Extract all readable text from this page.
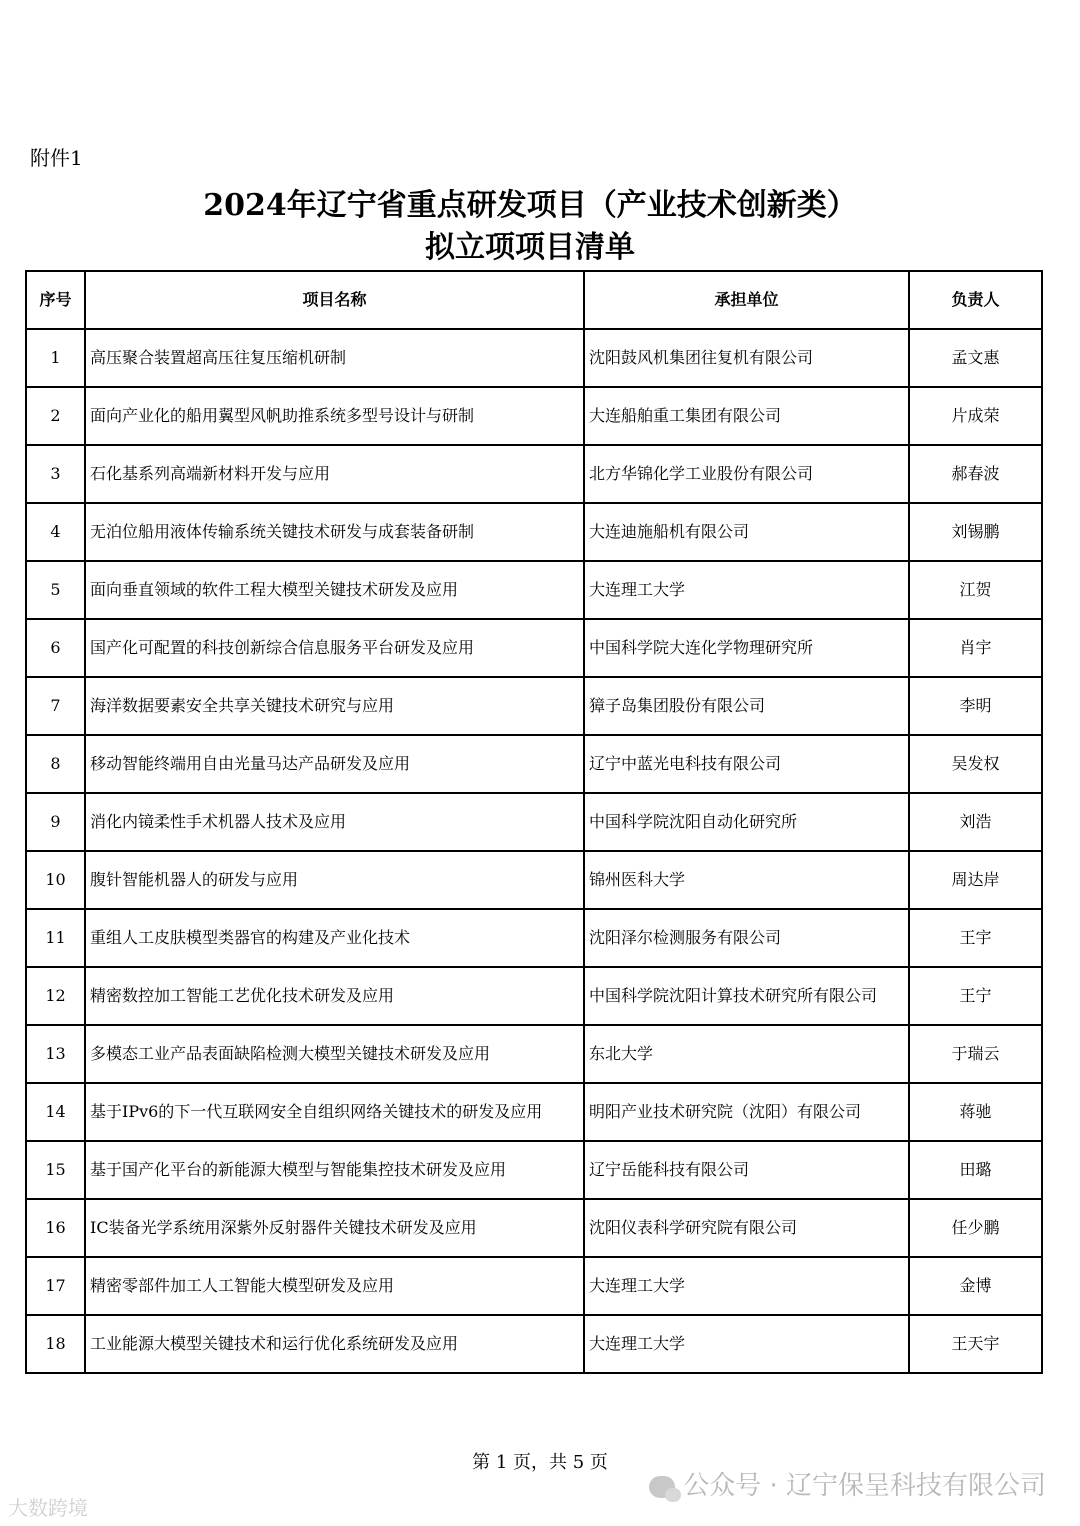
附件1
2024年辽宁省重点研发项目（产业技术创新类）
拟立项项目清单
序号	项目名称	承担单位	负责人
1	高压聚合装置超高压往复压缩机研制	沈阳鼓风机集团往复机有限公司	孟文惠
2	面向产业化的船用翼型风帆助推系统多型号设计与研制	大连船舶重工集团有限公司	片成荣
3	石化基系列高端新材料开发与应用	北方华锦化学工业股份有限公司	郝春波
4	无泊位船用液体传输系统关键技术研发与成套装备研制	大连迪施船机有限公司	刘锡鹏
5	面向垂直领域的软件工程大模型关键技术研发及应用	大连理工大学	江贺
6	国产化可配置的科技创新综合信息服务平台研发及应用	中国科学院大连化学物理研究所	肖宇
7	海洋数据要素安全共享关键技术研究与应用	獐子岛集团股份有限公司	李明
8	移动智能终端用自由光量马达产品研发及应用	辽宁中蓝光电科技有限公司	吴发权
9	消化内镜柔性手术机器人技术及应用	中国科学院沈阳自动化研究所	刘浩
10	腹针智能机器人的研发与应用	锦州医科大学	周达岸
11	重组人工皮肤模型类器官的构建及产业化技术	沈阳泽尔检测服务有限公司	王宇
12	精密数控加工智能工艺优化技术研发及应用	中国科学院沈阳计算技术研究所有限公司	王宁
13	多模态工业产品表面缺陷检测大模型关键技术研发及应用	东北大学	于瑞云
14	基于IPv6的下一代互联网安全自组织网络关键技术的研发及应用	明阳产业技术研究院（沈阳）有限公司	蒋驰
15	基于国产化平台的新能源大模型与智能集控技术研发及应用	辽宁岳能科技有限公司	田璐
16	IC装备光学系统用深紫外反射器件关键技术研发及应用	沈阳仪表科学研究院有限公司	任少鹏
17	精密零部件加工人工智能大模型研发及应用	大连理工大学	金博
18	工业能源大模型关键技术和运行优化系统研发及应用	大连理工大学	王天宇
第 1 页，共 5 页
公众号 · 辽宁保呈科技有限公司
大数跨境
